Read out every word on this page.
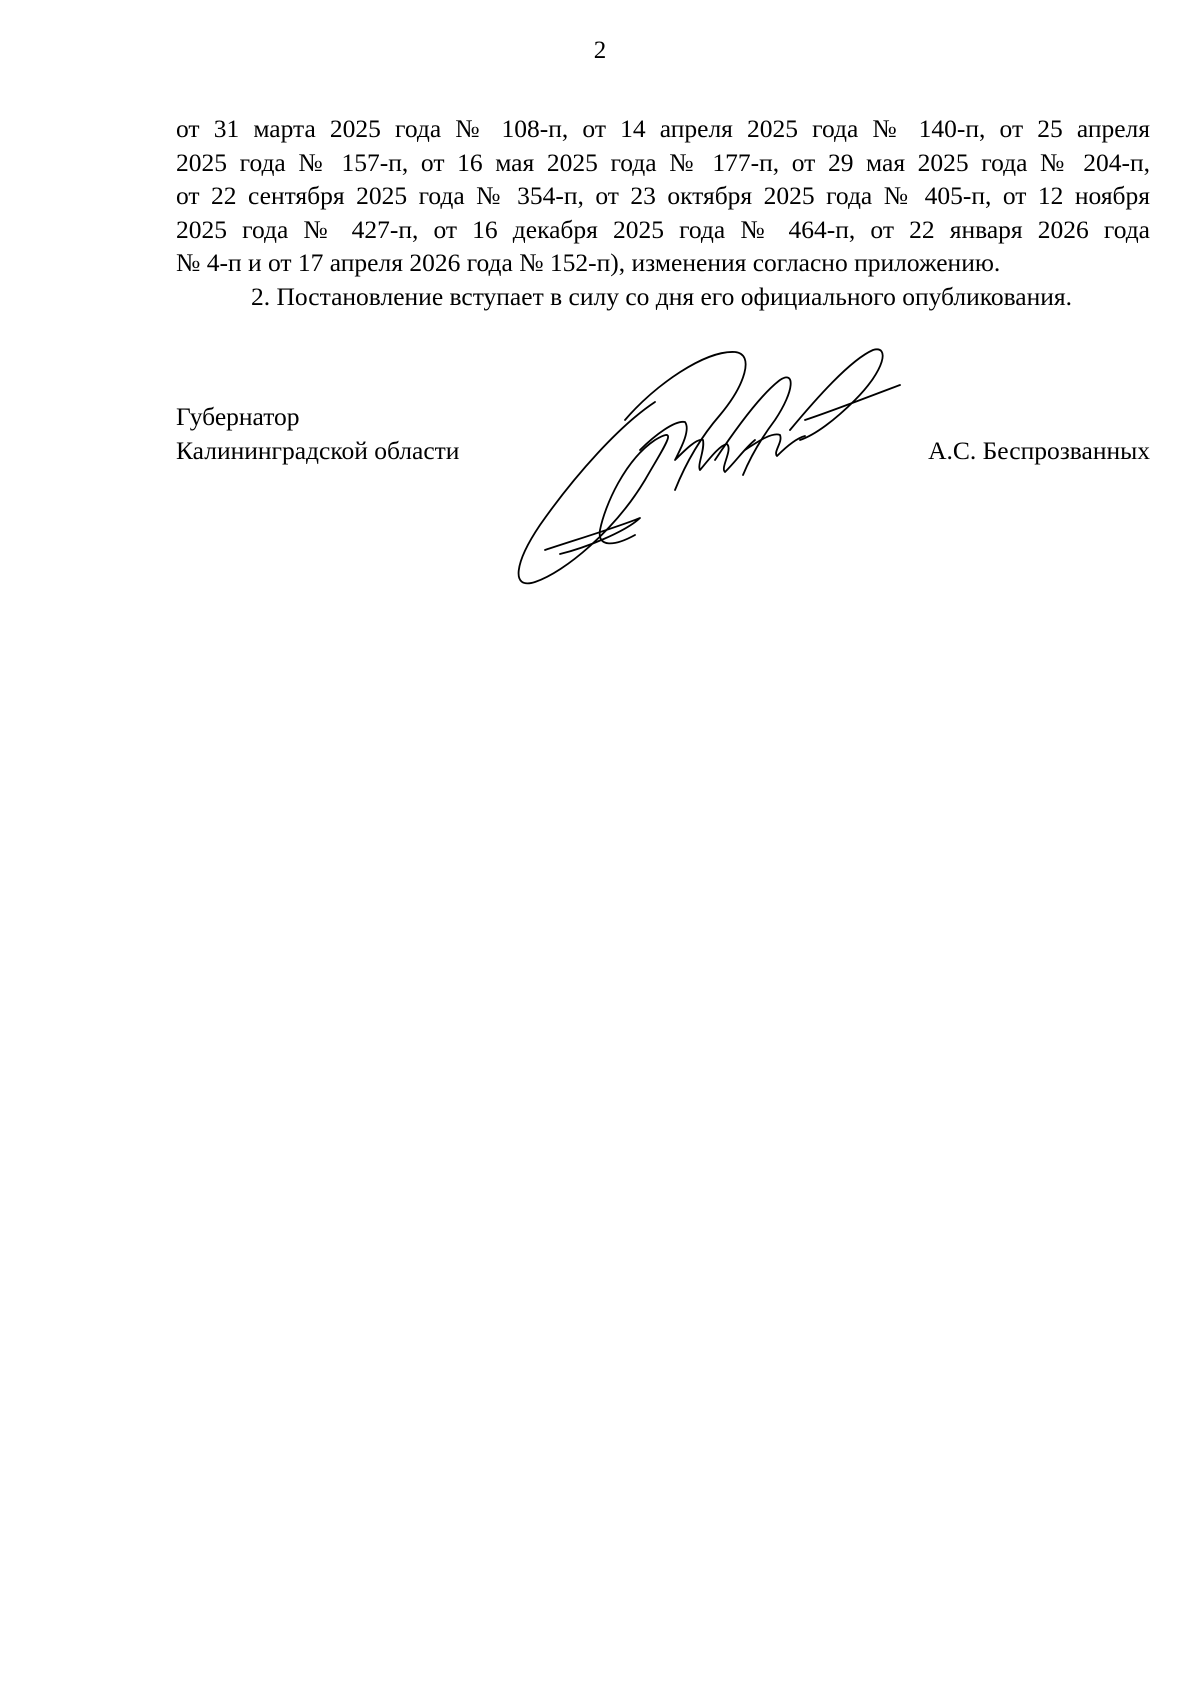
2

от 31 марта 2025 года № 108-п, от 14 апреля 2025 года № 140-п, от 25 апреля
2025 года № 157-п, от 16 мая 2025 года № 177-п, от 29 мая 2025 года № 204-п,
от 22 сентября 2025 года № 354-п, от 23 октября 2025 года № 405-п, от 12 ноября
2025 года № 427-п, от 16 декабря 2025 года № 464-п, от 22 января 2026 года
№ 4-п и от 17 апреля 2026 года № 152-п), изменения согласно приложению.

2. Постановление вступает в силу со дня его официального опубликования.

Губернатор
Калининградской области	А.С. Беспрозванных
